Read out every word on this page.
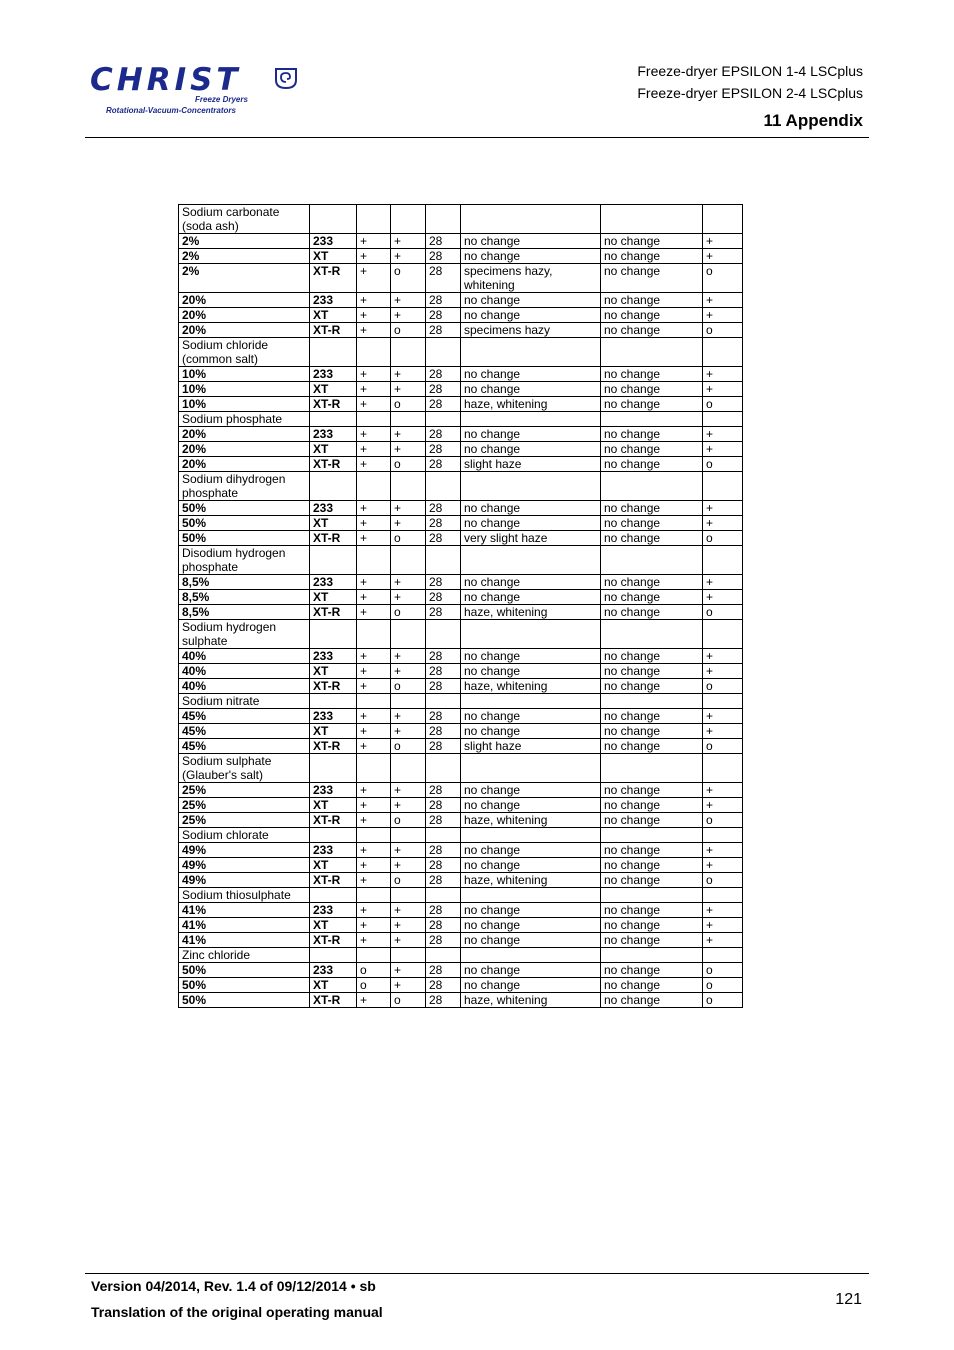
CHRIST
Freeze Dryers
Rotational-Vacuum-Concentrators
Freeze-dryer EPSILON 1-4 LSCplus
Freeze-dryer EPSILON 2-4 LSCplus
11 Appendix
Sodium carbonate (soda ash)							
2%	233	+	+	28	no change	no change	+
2%	XT	+	+	28	no change	no change	+
2%	XT-R	+	o	28	specimens hazy, whitening	no change	o
20%	233	+	+	28	no change	no change	+
20%	XT	+	+	28	no change	no change	+
20%	XT-R	+	o	28	specimens hazy	no change	o
Sodium chloride (common salt)							
10%	233	+	+	28	no change	no change	+
10%	XT	+	+	28	no change	no change	+
10%	XT-R	+	o	28	haze, whitening	no change	o
Sodium phosphate							
20%	233	+	+	28	no change	no change	+
20%	XT	+	+	28	no change	no change	+
20%	XT-R	+	o	28	slight haze	no change	o
Sodium dihydrogen phosphate							
50%	233	+	+	28	no change	no change	+
50%	XT	+	+	28	no change	no change	+
50%	XT-R	+	o	28	very slight haze	no change	o
Disodium hydrogen phosphate							
8,5%	233	+	+	28	no change	no change	+
8,5%	XT	+	+	28	no change	no change	+
8,5%	XT-R	+	o	28	haze, whitening	no change	o
Sodium hydrogen sulphate							
40%	233	+	+	28	no change	no change	+
40%	XT	+	+	28	no change	no change	+
40%	XT-R	+	o	28	haze, whitening	no change	o
Sodium nitrate							
45%	233	+	+	28	no change	no change	+
45%	XT	+	+	28	no change	no change	+
45%	XT-R	+	o	28	slight haze	no change	o
Sodium sulphate (Glauber's salt)							
25%	233	+	+	28	no change	no change	+
25%	XT	+	+	28	no change	no change	+
25%	XT-R	+	o	28	haze, whitening	no change	o
Sodium chlorate							
49%	233	+	+	28	no change	no change	+
49%	XT	+	+	28	no change	no change	+
49%	XT-R	+	o	28	haze, whitening	no change	o
Sodium thiosulphate							
41%	233	+	+	28	no change	no change	+
41%	XT	+	+	28	no change	no change	+
41%	XT-R	+	+	28	no change	no change	+
Zinc chloride							
50%	233	o	+	28	no change	no change	o
50%	XT	o	+	28	no change	no change	o
50%	XT-R	+	o	28	haze, whitening	no change	o
Version 04/2014, Rev. 1.4 of 09/12/2014 • sb
Translation of the original operating manual
121
